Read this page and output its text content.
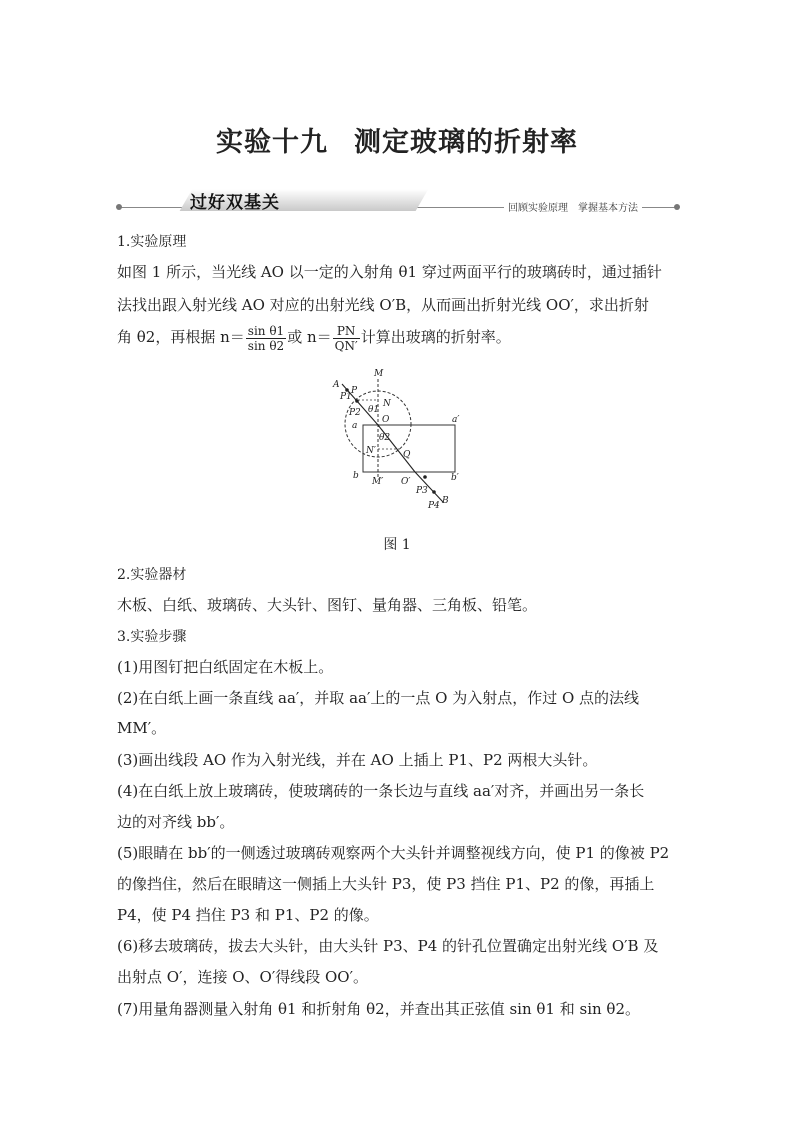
实验十九 测定玻璃的折射率
过好双基关	回顾实验原理　掌握基本方法
1.实验原理
如图 1 所示，当光线 AO 以一定的入射角 θ1 穿过两面平行的玻璃砖时，通过插针
法找出跟入射光线 AO 对应的出射光线 O′B，从而画出折射光线 OO′，求出折射
角 θ2，再根据 $n= \frac{\text{sin θ1}}{\text{sin θ2}}$ 或 $n= \frac{PN}{QN'}$ 计算出玻璃的折射率。
A
P1
P
P2
M
N
θ1
O
a
a′
θ2
N′	Q
b
M′ O′	b′
P3
P4 B
图 1
2.实验器材
木板、白纸、玻璃砖、大头针、图钉、量角器、三角板、铅笔。
3.实验步骤
(1)用图钉把白纸固定在木板上。
(2)在白纸上画一条直线 aa′，并取 aa′上的一点 O 为入射点，作过 O 点的法线
MM′。
(3)画出线段 AO 作为入射光线，并在 AO 上插上 P1、P2 两根大头针。
(4)在白纸上放上玻璃砖，使玻璃砖的一条长边与直线 aa′对齐，并画出另一条长
边的对齐线 bb′。
(5)眼睛在 bb′的一侧透过玻璃砖观察两个大头针并调整视线方向，使 P1 的像被 P2
的像挡住，然后在眼睛这一侧插上大头针 P3，使 P3 挡住 P1、P2 的像，再插上
P4，使 P4 挡住 P3 和 P1、P2 的像。
(6)移去玻璃砖，拔去大头针，由大头针 P3、P4 的针孔位置确定出射光线 O′B 及
出射点 O′，连接 O、O′得线段 OO′。
(7)用量角器测量入射角 θ1 和折射角 θ2，并查出其正弦值 sin θ1 和 sin θ2。
